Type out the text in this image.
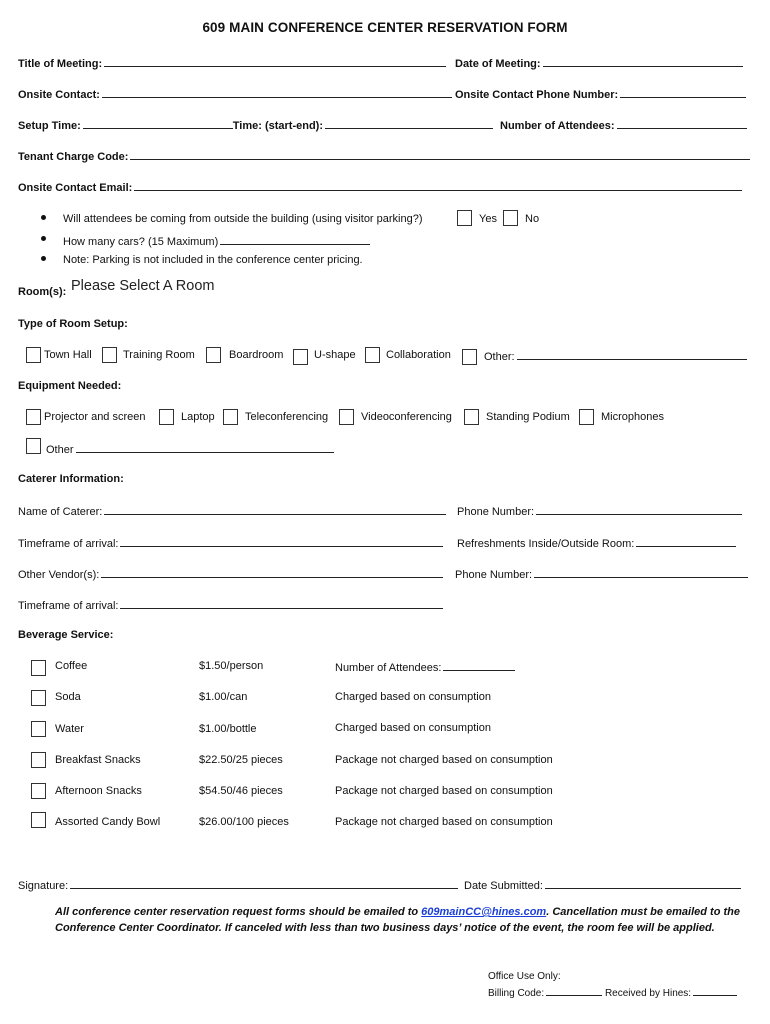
609 MAIN CONFERENCE CENTER RESERVATION FORM
Title of Meeting:	Date of Meeting:
Onsite Contact:	Onsite Contact Phone Number:
Setup Time:	Time: (start-end):	Number of Attendees:
Tenant Charge Code:
Onsite Contact Email:
Will attendees be coming from outside the building (using visitor parking?)	Yes	No
How many cars? (15 Maximum)
Note: Parking is not included in the conference center pricing.
Room(s): Please Select A Room
Type of Room Setup:
Town Hall	Training Room	Boardroom	U-shape	Collaboration	Other:
Equipment Needed:
Projector and screen	Laptop	Teleconferencing	Videoconferencing	Standing Podium	Microphones
Other
Caterer Information:
Name of Caterer:	Phone Number:
Timeframe of arrival:	Refreshments Inside/Outside Room:
Other Vendor(s):	Phone Number:
Timeframe of arrival:
Beverage Service:
Coffee	$1.50/person	Number of Attendees:
Soda	$1.00/can	Charged based on consumption
Water	$1.00/bottle	Charged based on consumption
Breakfast Snacks	$22.50/25 pieces	Package not charged based on consumption
Afternoon Snacks	$54.50/46 pieces	Package not charged based on consumption
Assorted Candy Bowl	$26.00/100 pieces	Package not charged based on consumption
Signature:	Date Submitted:
All conference center reservation request forms should be emailed to 609mainCC@hines.com. Cancellation must be emailed to the Conference Center Coordinator. If canceled with less than two business days’ notice of the event, the room fee will be applied.
Office Use Only:
Billing Code:	Received by Hines:
